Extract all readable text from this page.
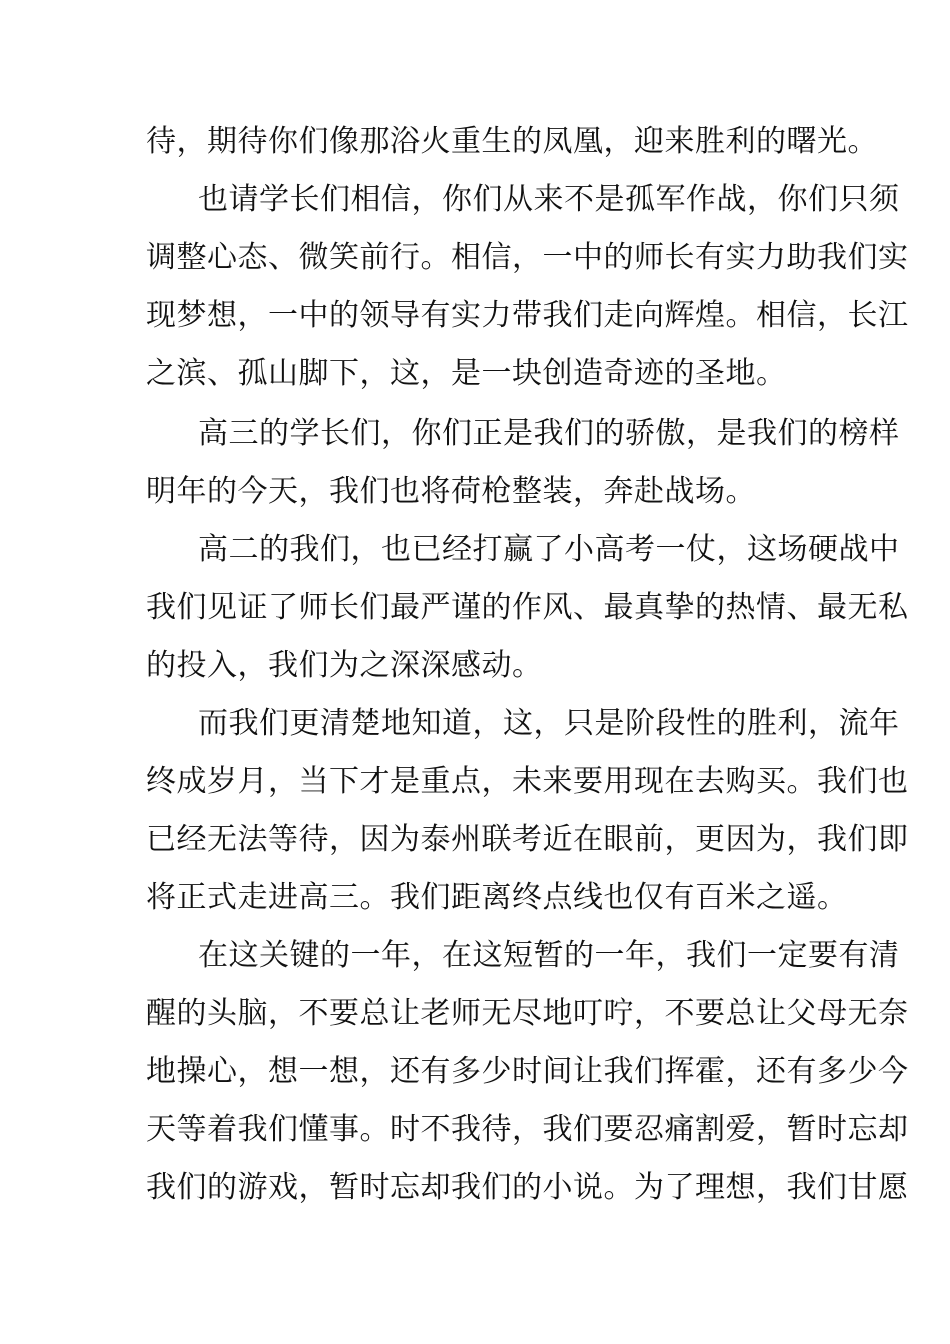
待，期待你们像那浴火重生的凤凰，迎来胜利的曙光。
也请学长们相信，你们从来不是孤军作战，你们只须
调整心态、微笑前行。相信，一中的师长有实力助我们实
现梦想，一中的领导有实力带我们走向辉煌。相信，长江
之滨、孤山脚下，这，是一块创造奇迹的圣地。
高三的学长们，你们正是我们的骄傲，是我们的榜样
明年的今天，我们也将荷枪整装，奔赴战场。
高二的我们，也已经打赢了小高考一仗，这场硬战中
我们见证了师长们最严谨的作风、最真挚的热情、最无私
的投入，我们为之深深感动。
而我们更清楚地知道，这，只是阶段性的胜利，流年
终成岁月，当下才是重点，未来要用现在去购买。我们也
已经无法等待，因为泰州联考近在眼前，更因为，我们即
将正式走进高三。我们距离终点线也仅有百米之遥。
在这关键的一年，在这短暂的一年，我们一定要有清
醒的头脑，不要总让老师无尽地叮咛，不要总让父母无奈
地操心，想一想，还有多少时间让我们挥霍，还有多少今
天等着我们懂事。时不我待，我们要忍痛割爱，暂时忘却
我们的游戏，暂时忘却我们的小说。为了理想，我们甘愿
